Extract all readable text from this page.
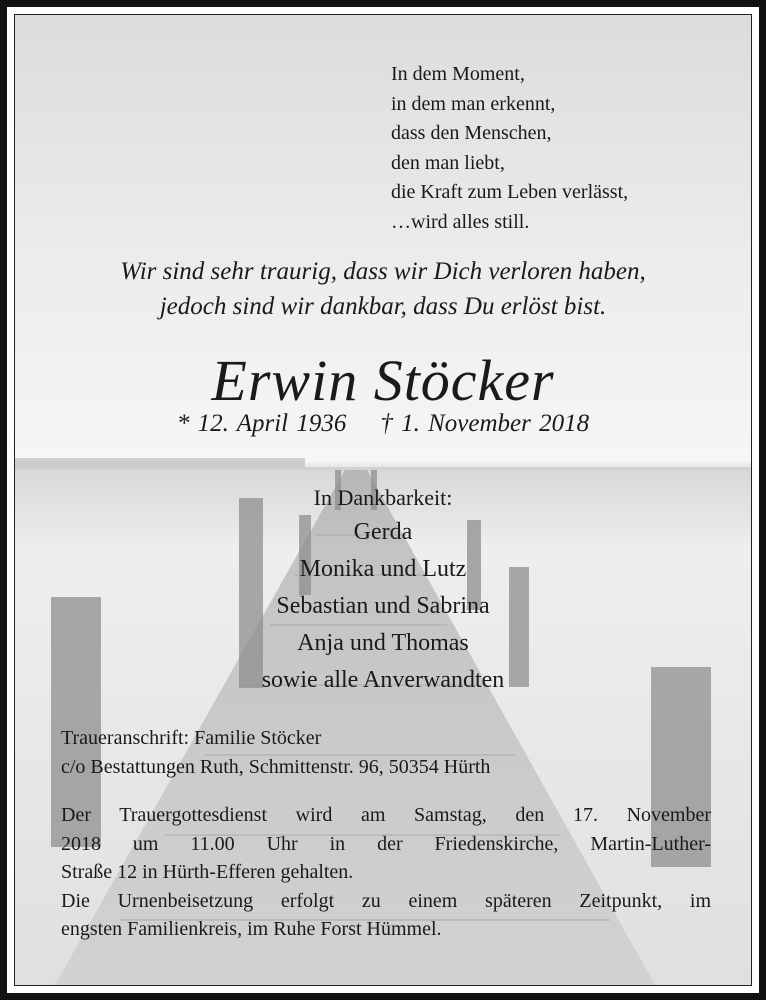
In dem Moment,
in dem man erkennt,
dass den Menschen,
den man liebt,
die Kraft zum Leben verlässt,
…wird alles still.
Wir sind sehr traurig, dass wir Dich verloren haben,
jedoch sind wir dankbar, dass Du erlöst bist.
Erwin Stöcker
* 12. April 1936 † 1. November 2018
In Dankbarkeit:
Gerda
Monika und Lutz
Sebastian und Sabrina
Anja und Thomas
sowie alle Anverwandten
Traueranschrift: Familie Stöcker
c/o Bestattungen Ruth, Schmittenstr. 96, 50354 Hürth
Der Trauergottesdienst wird am Samstag, den 17. November
2018 um 11.00 Uhr in der Friedenskirche, Martin-Luther-
Straße 12 in Hürth-Efferen gehalten.
Die Urnenbeisetzung erfolgt zu einem späteren Zeitpunkt, im
engsten Familienkreis, im Ruhe Forst Hümmel.
